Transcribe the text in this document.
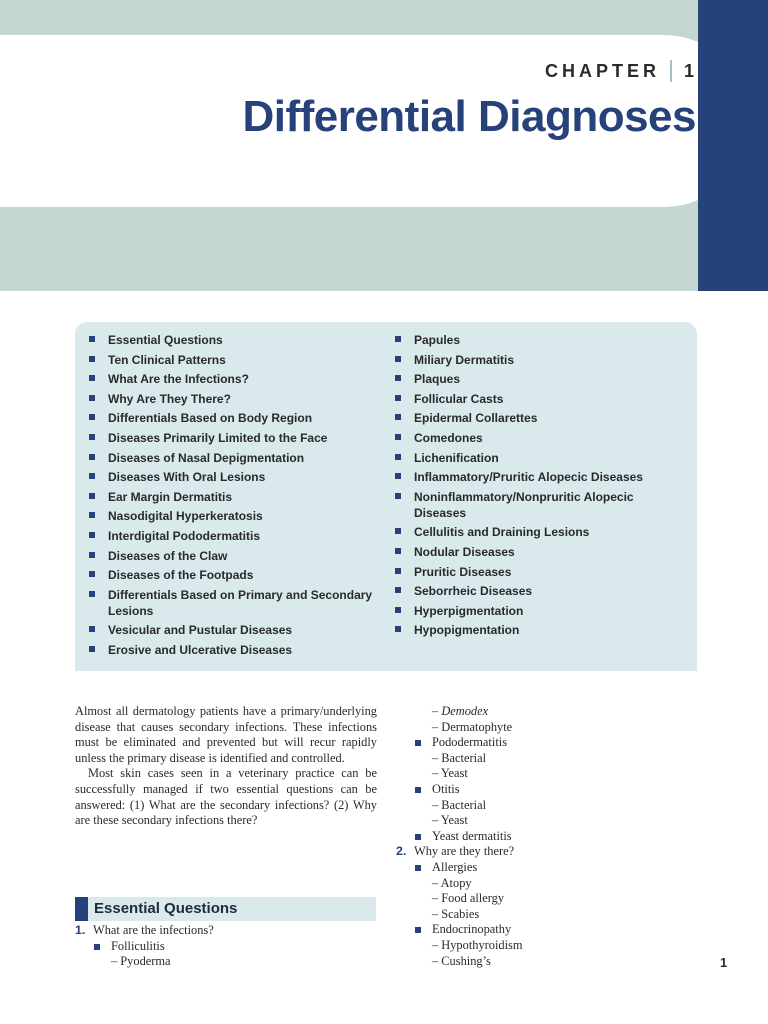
CHAPTER 1
Differential Diagnoses
Essential Questions
Ten Clinical Patterns
What Are the Infections?
Why Are They There?
Differentials Based on Body Region
Diseases Primarily Limited to the Face
Diseases of Nasal Depigmentation
Diseases With Oral Lesions
Ear Margin Dermatitis
Nasodigital Hyperkeratosis
Interdigital Pododermatitis
Diseases of the Claw
Diseases of the Footpads
Differentials Based on Primary and Secondary Lesions
Vesicular and Pustular Diseases
Erosive and Ulcerative Diseases
Papules
Miliary Dermatitis
Plaques
Follicular Casts
Epidermal Collarettes
Comedones
Lichenification
Inflammatory/Pruritic Alopecic Diseases
Noninflammatory/Nonpruritic Alopecic Diseases
Cellulitis and Draining Lesions
Nodular Diseases
Pruritic Diseases
Seborrheic Diseases
Hyperpigmentation
Hypopigmentation

Almost all dermatology patients have a primary/underlying disease that causes secondary infections. These infections must be eliminated and prevented but will recur rapidly unless the primary disease is identified and controlled.

Most skin cases seen in a veterinary practice can be successfully managed if two essential questions can be answered: (1) What are the secondary infections? (2) Why are these secondary infections there?

Essential Questions
1. What are the infections?
Folliculitis
– Pyoderma
– Demodex
– Dermatophyte
Pododermatitis
– Bacterial
– Yeast
Otitis
– Bacterial
– Yeast
Yeast dermatitis
2. Why are they there?
Allergies
– Atopy
– Food allergy
– Scabies
Endocrinopathy
– Hypothyroidism
– Cushing’s	1
